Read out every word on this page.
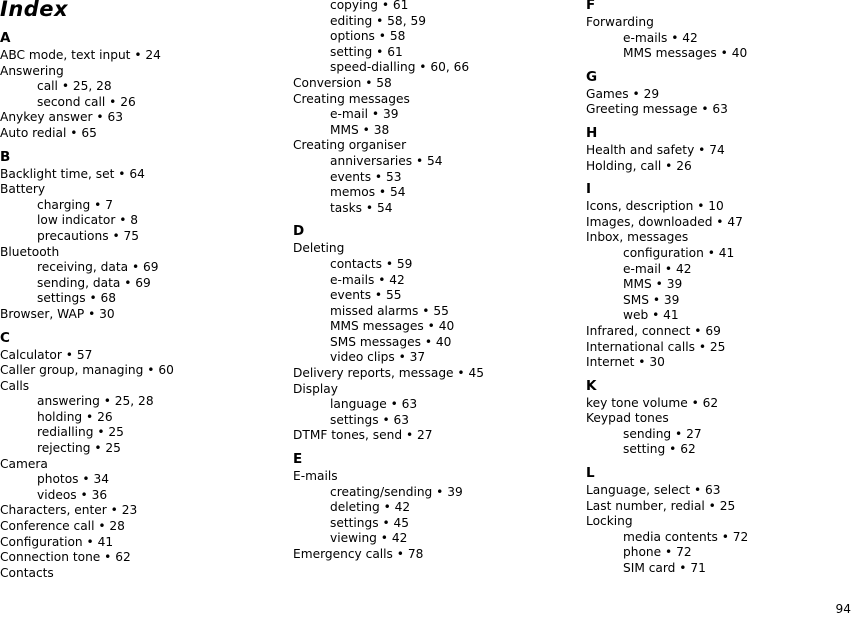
Index
A
ABC mode, text input • 24
Answering
call • 25, 28
second call • 26
Anykey answer • 63
Auto redial • 65
B
Backlight time, set • 64
Battery
charging • 7
low indicator • 8
precautions • 75
Bluetooth
receiving, data • 69
sending, data • 69
settings • 68
Browser, WAP • 30
C
Calculator • 57
Caller group, managing • 60
Calls
answering • 25, 28
holding • 26
redialling • 25
rejecting • 25
Camera
photos • 34
videos • 36
Characters, enter • 23
Conference call • 28
Configuration • 41
Connection tone • 62
Contacts
copying • 61
editing • 58, 59
options • 58
setting • 61
speed-dialling • 60, 66
Conversion • 58
Creating messages
e-mail • 39
MMS • 38
Creating organiser
anniversaries • 54
events • 53
memos • 54
tasks • 54
D
Deleting
contacts • 59
e-mails • 42
events • 55
missed alarms • 55
MMS messages • 40
SMS messages • 40
video clips • 37
Delivery reports, message • 45
Display
language • 63
settings • 63
DTMF tones, send • 27
E
E-mails
creating/sending • 39
deleting • 42
settings • 45
viewing • 42
Emergency calls • 78
F
Forwarding
e-mails • 42
MMS messages • 40
G
Games • 29
Greeting message • 63
H
Health and safety • 74
Holding, call • 26
I
Icons, description • 10
Images, downloaded • 47
Inbox, messages
configuration • 41
e-mail • 42
MMS • 39
SMS • 39
web • 41
Infrared, connect • 69
International calls • 25
Internet • 30
K
key tone volume • 62
Keypad tones
sending • 27
setting • 62
L
Language, select • 63
Last number, redial • 25
Locking
media contents • 72
phone • 72
SIM card • 71
94
